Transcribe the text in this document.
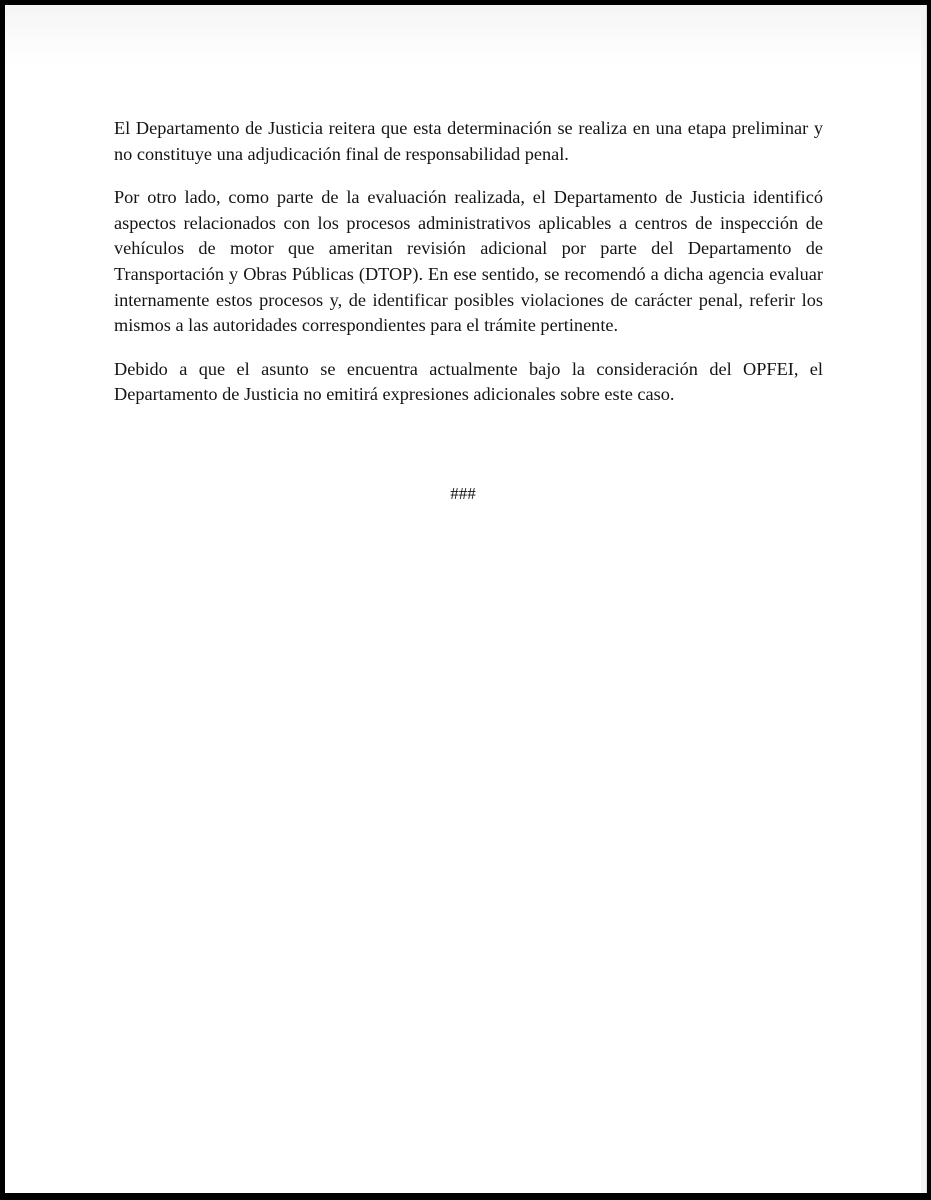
El Departamento de Justicia reitera que esta determinación se realiza en una etapa preliminar y no constituye una adjudicación final de responsabilidad penal.

Por otro lado, como parte de la evaluación realizada, el Departamento de Justicia identificó aspectos relacionados con los procesos administrativos aplicables a centros de inspección de vehículos de motor que ameritan revisión adicional por parte del Departamento de Transportación y Obras Públicas (DTOP). En ese sentido, se recomendó a dicha agencia evaluar internamente estos procesos y, de identificar posibles violaciones de carácter penal, referir los mismos a las autoridades correspondientes para el trámite pertinente.

Debido a que el asunto se encuentra actualmente bajo la consideración del OPFEI, el Departamento de Justicia no emitirá expresiones adicionales sobre este caso.

###
